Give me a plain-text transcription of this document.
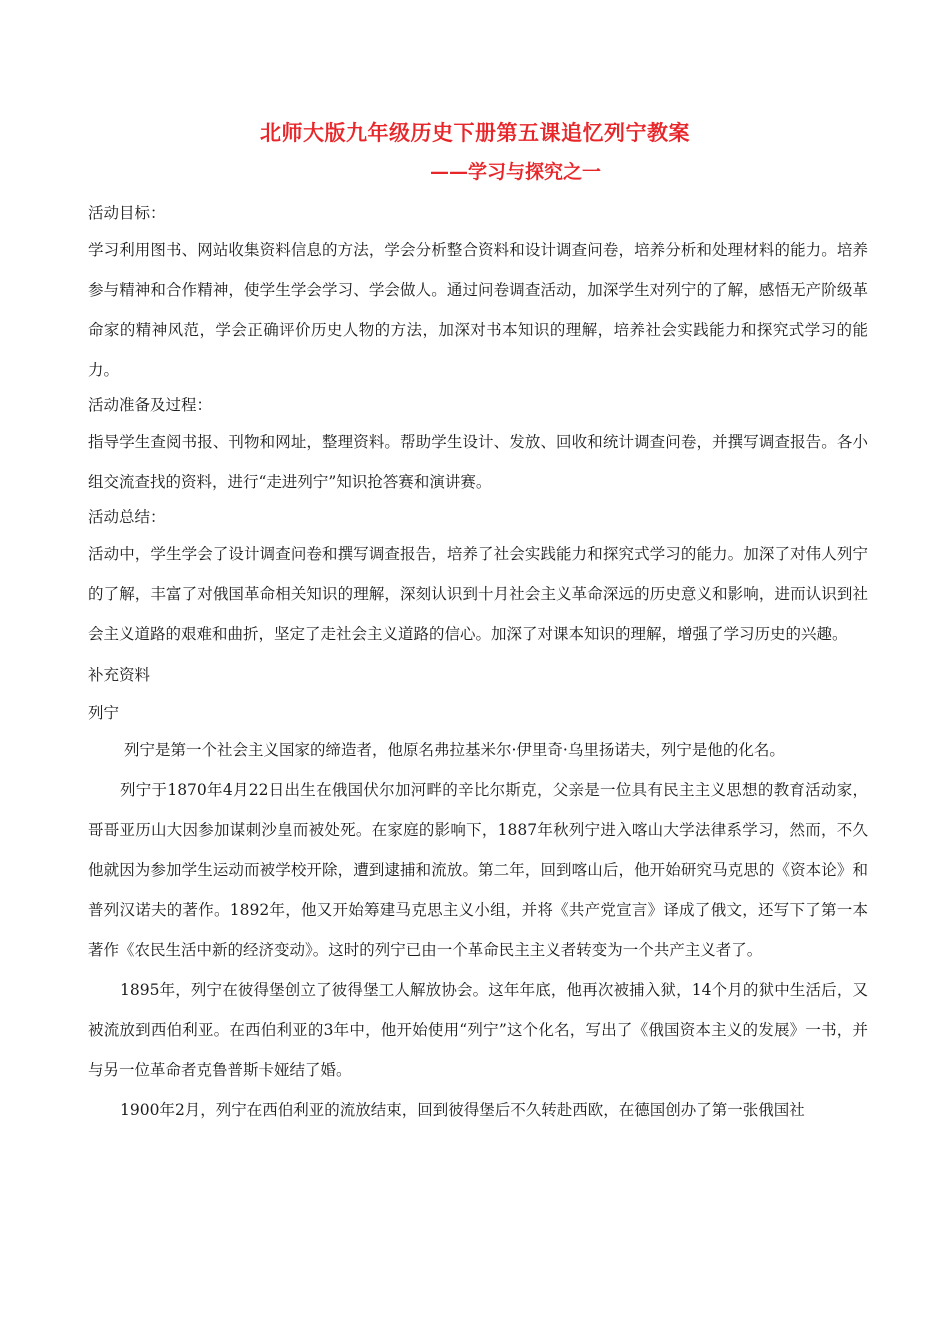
北师大版九年级历史下册第五课追忆列宁教案
——学习与探究之一

活动目标：

学习利用图书、网站收集资料信息的方法，学会分析整合资料和设计调查问卷，培养分析和处理材料的能力。培养参与精神和合作精神，使学生学会学习、学会做人。通过问卷调查活动，加深学生对列宁的了解，感悟无产阶级革命家的精神风范，学会正确评价历史人物的方法，加深对书本知识的理解，培养社会实践能力和探究式学习的能力。

活动准备及过程：

指导学生查阅书报、刊物和网址，整理资料。帮助学生设计、发放、回收和统计调查问卷，并撰写调查报告。各小组交流查找的资料，进行“走进列宁”知识抢答赛和演讲赛。

活动总结：

活动中，学生学会了设计调查问卷和撰写调查报告，培养了社会实践能力和探究式学习的能力。加深了对伟人列宁的了解，丰富了对俄国革命相关知识的理解，深刻认识到十月社会主义革命深远的历史意义和影响，进而认识到社会主义道路的艰难和曲折，坚定了走社会主义道路的信心。加深了对课本知识的理解，增强了学习历史的兴趣。

补充资料

列宁

列宁是第一个社会主义国家的缔造者，他原名弗拉基米尔·伊里奇·乌里扬诺夫，列宁是他的化名。

列宁于1870年4月22日出生在俄国伏尔加河畔的辛比尔斯克，父亲是一位具有民主主义思想的教育活动家，哥哥亚历山大因参加谋刺沙皇而被处死。在家庭的影响下，1887年秋列宁进入喀山大学法律系学习，然而，不久他就因为参加学生运动而被学校开除，遭到逮捕和流放。第二年，回到喀山后，他开始研究马克思的《资本论》和普列汉诺夫的著作。1892年，他又开始筹建马克思主义小组，并将《共产党宣言》译成了俄文，还写下了第一本著作《农民生活中新的经济变动》。这时的列宁已由一个革命民主主义者转变为一个共产主义者了。

1895年，列宁在彼得堡创立了彼得堡工人解放协会。这年年底，他再次被捕入狱，14个月的狱中生活后，又被流放到西伯利亚。在西伯利亚的3年中，他开始使用“列宁”这个化名，写出了《俄国资本主义的发展》一书，并与另一位革命者克鲁普斯卡娅结了婚。

1900年2月，列宁在西伯利亚的流放结束，回到彼得堡后不久转赴西欧，在德国创办了第一张俄国社
